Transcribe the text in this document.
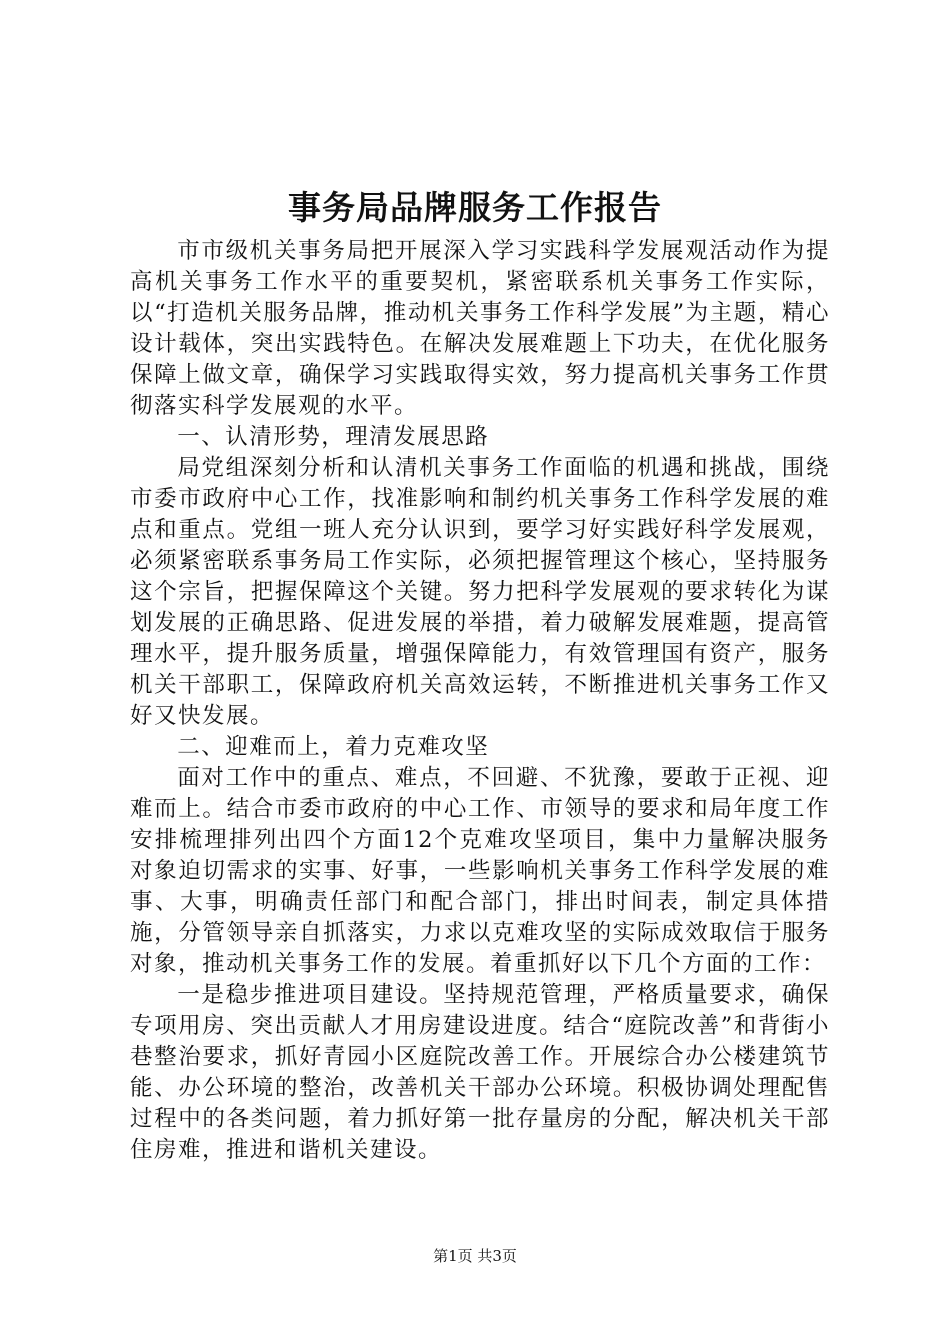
事务局品牌服务工作报告

市市级机关事务局把开展深入学习实践科学发展观活动作为提高机关事务工作水平的重要契机，紧密联系机关事务工作实际，以“打造机关服务品牌，推动机关事务工作科学发展”为主题，精心设计载体，突出实践特色。在解决发展难题上下功夫，在优化服务保障上做文章，确保学习实践取得实效，努力提高机关事务工作贯彻落实科学发展观的水平。

一、认清形势，理清发展思路

局党组深刻分析和认清机关事务工作面临的机遇和挑战，围绕市委市政府中心工作，找准影响和制约机关事务工作科学发展的难点和重点。党组一班人充分认识到，要学习好实践好科学发展观，必须紧密联系事务局工作实际，必须把握管理这个核心，坚持服务这个宗旨，把握保障这个关键。努力把科学发展观的要求转化为谋划发展的正确思路、促进发展的举措，着力破解发展难题，提高管理水平，提升服务质量，增强保障能力，有效管理国有资产，服务机关干部职工，保障政府机关高效运转，不断推进机关事务工作又好又快发展。

二、迎难而上，着力克难攻坚

面对工作中的重点、难点，不回避、不犹豫，要敢于正视、迎难而上。结合市委市政府的中心工作、市领导的要求和局年度工作安排梳理排列出四个方面12个克难攻坚项目，集中力量解决服务对象迫切需求的实事、好事，一些影响机关事务工作科学发展的难事、大事，明确责任部门和配合部门，排出时间表，制定具体措施，分管领导亲自抓落实，力求以克难攻坚的实际成效取信于服务对象，推动机关事务工作的发展。着重抓好以下几个方面的工作：

一是稳步推进项目建设。坚持规范管理，严格质量要求，确保专项用房、突出贡献人才用房建设进度。结合“庭院改善”和背街小巷整治要求，抓好青园小区庭院改善工作。开展综合办公楼建筑节能、办公环境的整治，改善机关干部办公环境。积极协调处理配售过程中的各类问题，着力抓好第一批存量房的分配，解决机关干部住房难，推进和谐机关建设。

第1页 共3页
